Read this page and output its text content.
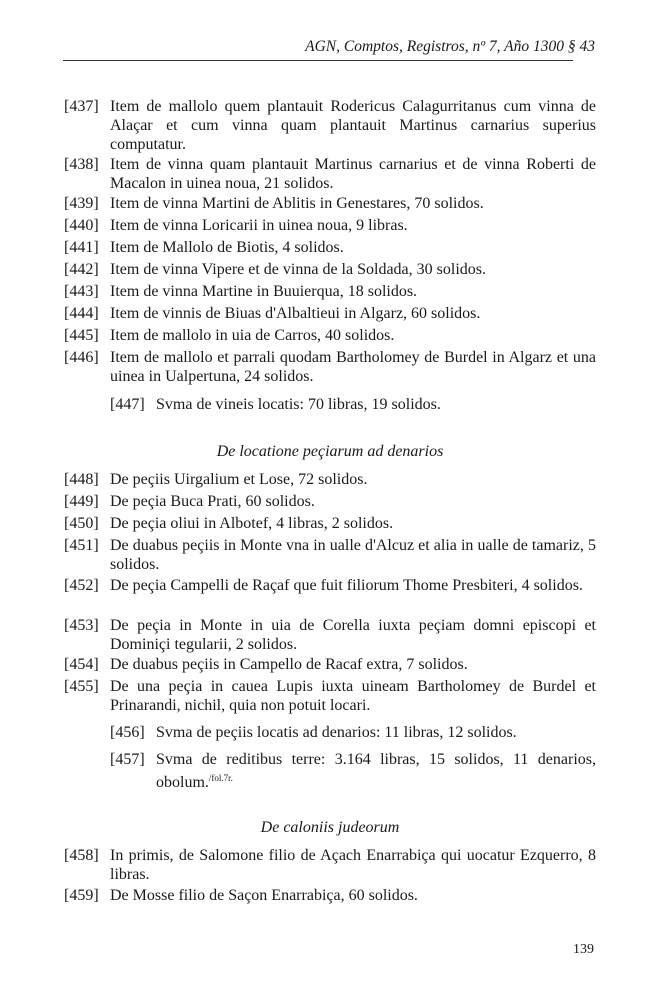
AGN, Comptos, Registros, nº 7, Año 1300 § 43
[437] Item de mallolo quem plantauit Rodericus Calagurritanus cum vinna de Alaçar et cum vinna quam plantauit Martinus carnarius superius computatur.
[438] Item de vinna quam plantauit Martinus carnarius et de vinna Roberti de Macalon in uinea noua, 21 solidos.
[439] Item de vinna Martini de Ablitis in Genestares, 70 solidos.
[440] Item de vinna Loricarii in uinea noua, 9 libras.
[441] Item de Mallolo de Biotis, 4 solidos.
[442] Item de vinna Vipere et de vinna de la Soldada, 30 solidos.
[443] Item de vinna Martine in Buuierqua, 18 solidos.
[444] Item de vinnis de Biuas d'Albaltieui in Algarz, 60 solidos.
[445] Item de mallolo in uia de Carros, 40 solidos.
[446] Item de mallolo et parrali quodam Bartholomey de Burdel in Algarz et una uinea in Ualpertuna, 24 solidos.
[447] Svma de vineis locatis: 70 libras, 19 solidos.
De locatione peçiarum ad denarios
[448] De peçiis Uirgalium et Lose, 72 solidos.
[449] De peçia Buca Prati, 60 solidos.
[450] De peçia oliui in Albotef, 4 libras, 2 solidos.
[451] De duabus peçiis in Monte vna in ualle d'Alcuz et alia in ualle de tamariz, 5 solidos.
[452] De peçia Campelli de Raçaf que fuit filiorum Thome Presbiteri, 4 solidos.
[453] De peçia in Monte in uia de Corella iuxta peçiam domni episcopi et Dominiçi tegularii, 2 solidos.
[454] De duabus peçiis in Campello de Racaf extra, 7 solidos.
[455] De una peçia in cauea Lupis iuxta uineam Bartholomey de Burdel et Prinarandi, nichil, quia non potuit locari.
[456] Svma de peçiis locatis ad denarios: 11 libras, 12 solidos.
[457] Svma de reditibus terre: 3.164 libras, 15 solidos, 11 denarios, obolum.$^{/fol.7r.}$
De caloniis judeorum
[458] In primis, de Salomone filio de Açach Enarrabiça qui uocatur Ezquerro, 8 libras.
[459] De Mosse filio de Saçon Enarrabiça, 60 solidos.
139
